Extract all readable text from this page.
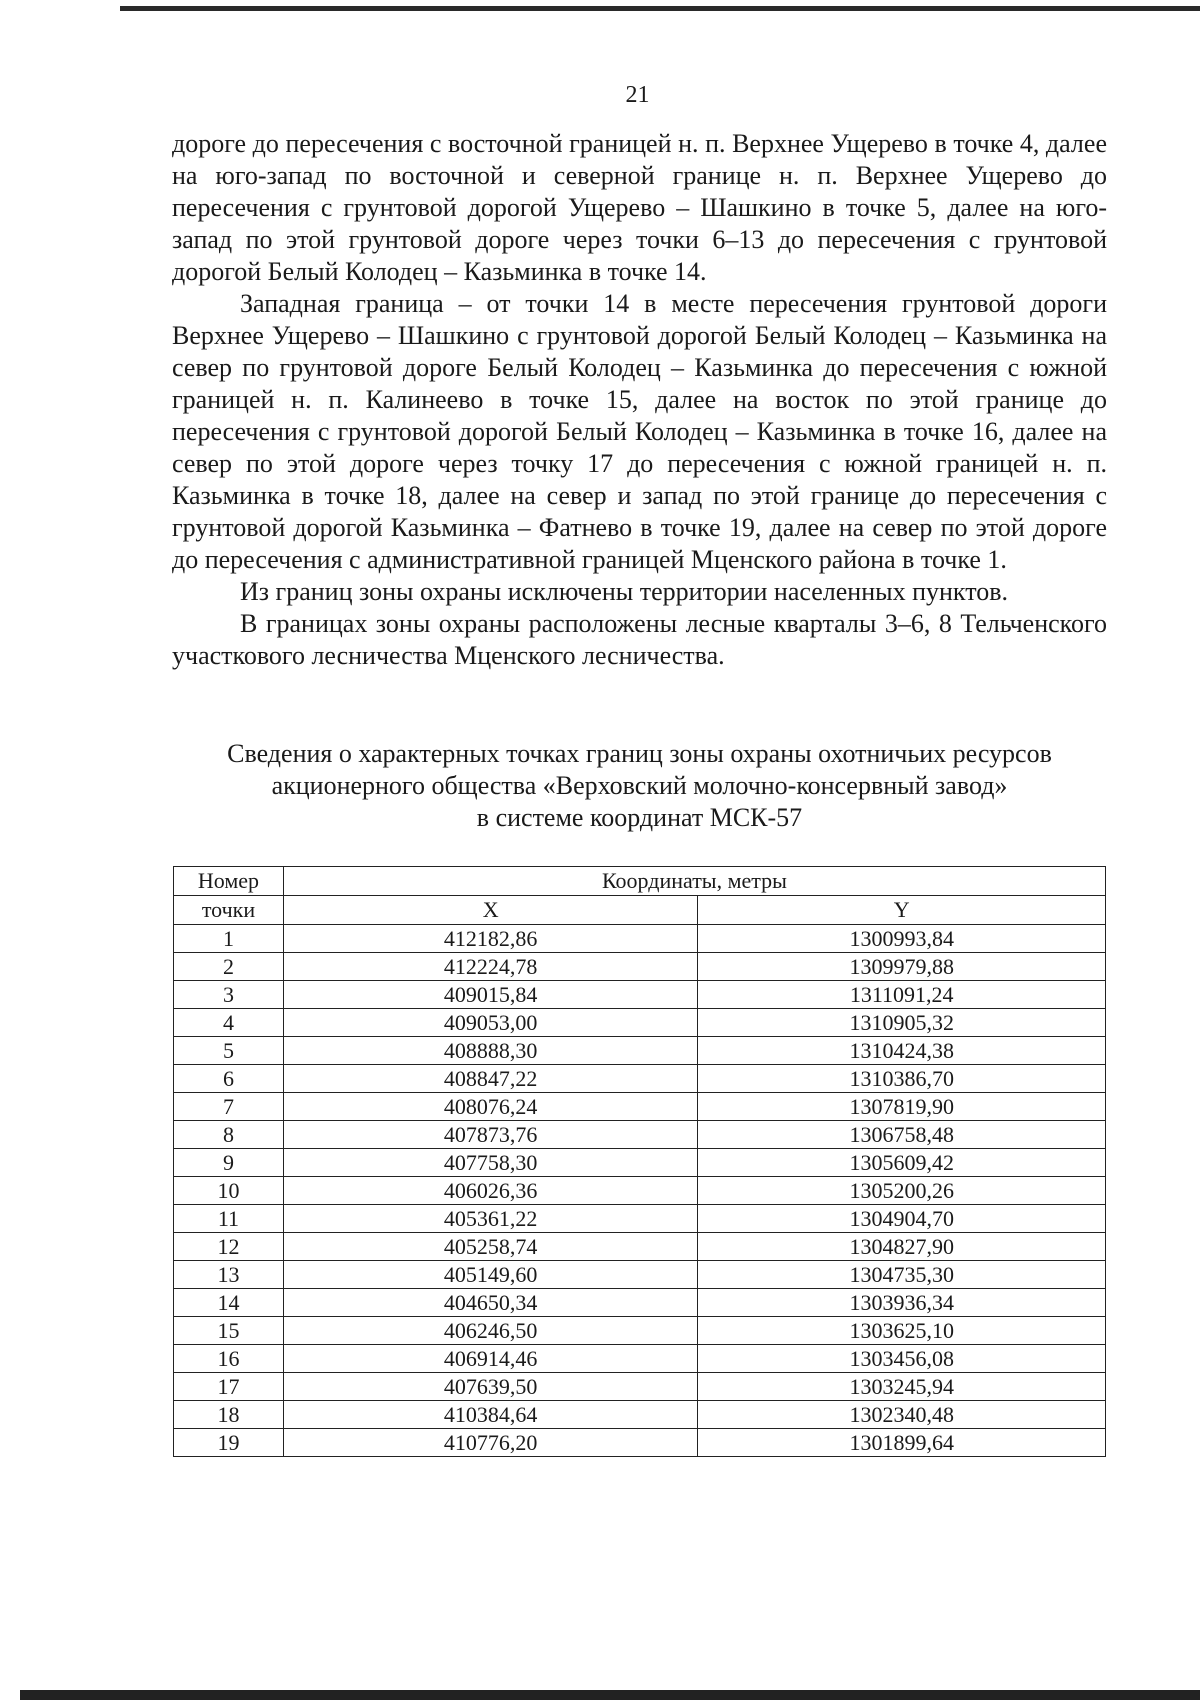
21

дороге до пересечения с восточной границей н. п. Верхнее Ущерево в точке 4, далее на юго-запад по восточной и северной границе н. п. Верхнее Ущерево до пересечения с грунтовой дорогой Ущерево – Шашкино в точке 5, далее на юго-запад по этой грунтовой дороге через точки 6–13 до пересечения с грунтовой дорогой Белый Колодец – Казьминка в точке 14.

Западная граница – от точки 14 в месте пересечения грунтовой дороги Верхнее Ущерево – Шашкино с грунтовой дорогой Белый Колодец – Казьминка на север по грунтовой дороге Белый Колодец – Казьминка до пересечения с южной границей н. п. Калинеево в точке 15, далее на восток по этой границе до пересечения с грунтовой дорогой Белый Колодец – Казьминка в точке 16, далее на север по этой дороге через точку 17 до пересечения с южной границей н. п. Казьминка в точке 18, далее на север и запад по этой границе до пересечения с грунтовой дорогой Казьминка – Фатнево в точке 19, далее на север по этой дороге до пересечения с административной границей Мценского района в точке 1.

Из границ зоны охраны исключены территории населенных пунктов.

В границах зоны охраны расположены лесные кварталы 3–6, 8 Тельченского участкового лесничества Мценского лесничества.

Сведения о характерных точках границ зоны охраны охотничьих ресурсов
акционерного общества «Верховский молочно-консервный завод»
в системе координат МСК-57
Номер	Координаты, метры	
точки	X	Y
1	412182,86	1300993,84
2	412224,78	1309979,88
3	409015,84	1311091,24
4	409053,00	1310905,32
5	408888,30	1310424,38
6	408847,22	1310386,70
7	408076,24	1307819,90
8	407873,76	1306758,48
9	407758,30	1305609,42
10	406026,36	1305200,26
11	405361,22	1304904,70
12	405258,74	1304827,90
13	405149,60	1304735,30
14	404650,34	1303936,34
15	406246,50	1303625,10
16	406914,46	1303456,08
17	407639,50	1303245,94
18	410384,64	1302340,48
19	410776,20	1301899,64
